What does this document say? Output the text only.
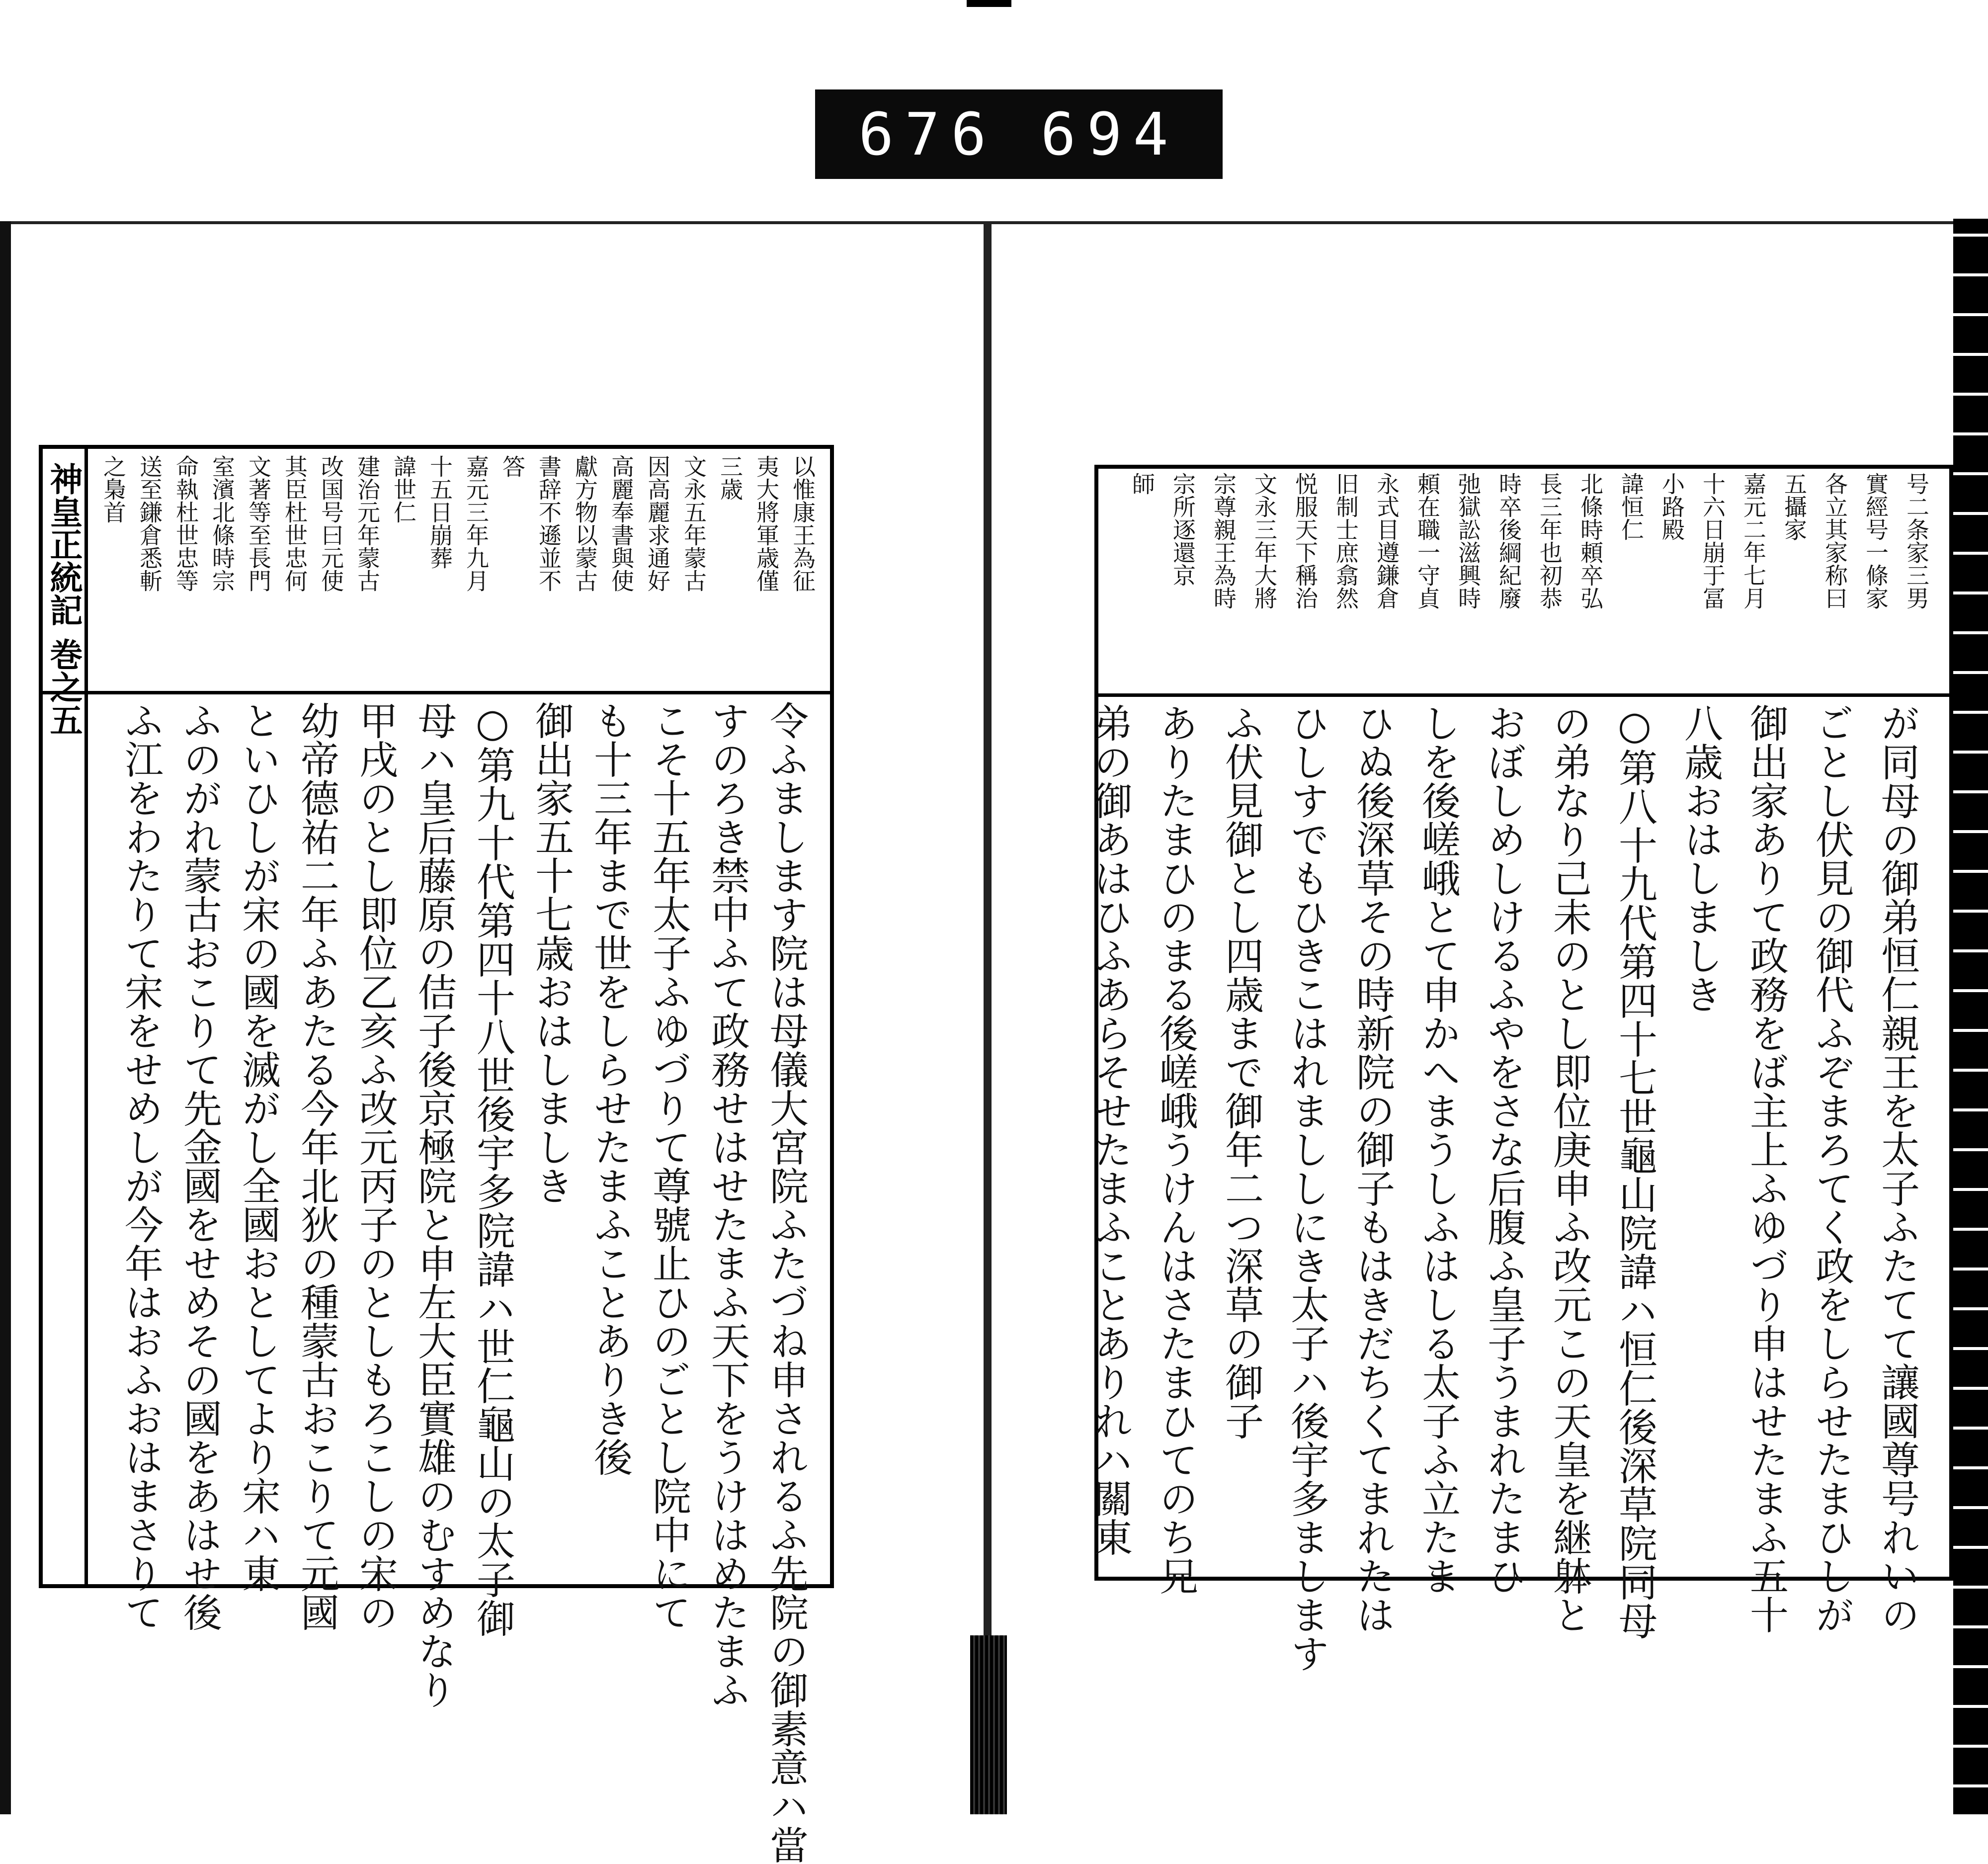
676 694
神皇正統記 巻之五	以惟康王為征
夷大將軍歳僅
三歳
文永五年蒙古
因高麗求通好
高麗奉書與使
獻方物以蒙古
書辞不遜並不
答
嘉元三年九月
十五日崩葬
諱世仁
建治元年蒙古
改国号曰元使
其臣杜世忠何
文著等至長門
室濱北條時宗
命執杜世忠等
送至鎌倉悉斬
之梟首
令ふまします院は母儀大宮院ふたづね申されるふ先院の御素意ハ當
すのろき禁中ふて政務せはせたまふ天下をうけはめたまふ
こそ十五年太子ふゆづりて尊號止ひのごとし院中にて
も十三年まで世をしらせたまふことありき後
御出家五十七歳おはしましき
○第九十代第四十八世後宇多院諱ハ世仁龜山の太子御
母ハ皇后藤原の佶子後京極院と申左大臣實雄のむすめなり
甲戌のとし即位乙亥ふ改元丙子のとしもろこしの宋の
幼帝德祐二年ふあたる今年北狄の種蒙古おこりて元國
といひしが宋の國を滅がし全國おとしてより宋ハ東
ふのがれ蒙古おこりて先金國をせめその國をあはせ後
ふ江をわたりて宋をせめしが今年はおふおはまさりて
号二条家三男
實經号一條家
各立其家称曰
五攝家
嘉元二年七月
十六日崩于冨
小路殿
諱恒仁
北條時頼卒弘
長三年也初恭
時卒後綱紀廢
弛獄訟滋興時
頼在職一守貞
永式目遵鎌倉
旧制士庶翕然
悦服天下稱治
文永三年大將
宗尊親王為時
宗所逐還京
師
が同母の御弟恒仁親王を太子ふたてて讓國尊号れいの
ごとし伏見の御代ふぞまろてく政をしらせたまひしが
御出家ありて政務をば主上ふゆづり申はせたまふ五十
八歳おはしましき
○第八十九代第四十七世龜山院諱ハ恒仁後深草院同母
の弟なり己未のとし即位庚申ふ改元この天皇を継躰と
おぼしめしけるふやをさな后腹ふ皇子うまれたまひ
しを後嵯峨とて申かへまうしふはしる太子ふ立たま
ひぬ後深草その時新院の御子もはきだちくてまれたは
ひしすでもひきこはれまししにき太子ハ後宇多まします
ふ伏見御とし四歳まで御年二つ深草の御子
ありたまひのまる後嵯峨うけんはさたまひてのち兄
弟の御あはひふあらそせたまふことありれハ關東
